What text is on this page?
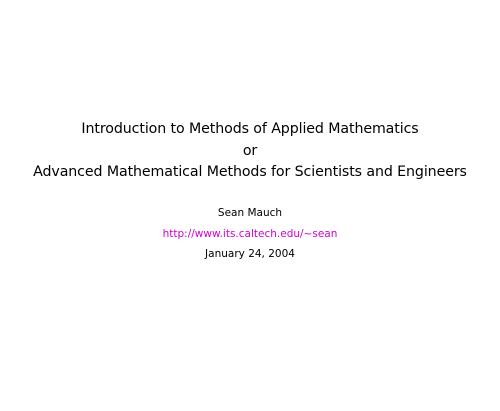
Introduction to Methods of Applied Mathematics
or
Advanced Mathematical Methods for Scientists and Engineers
Sean Mauch
http://www.its.caltech.edu/~sean
January 24, 2004
